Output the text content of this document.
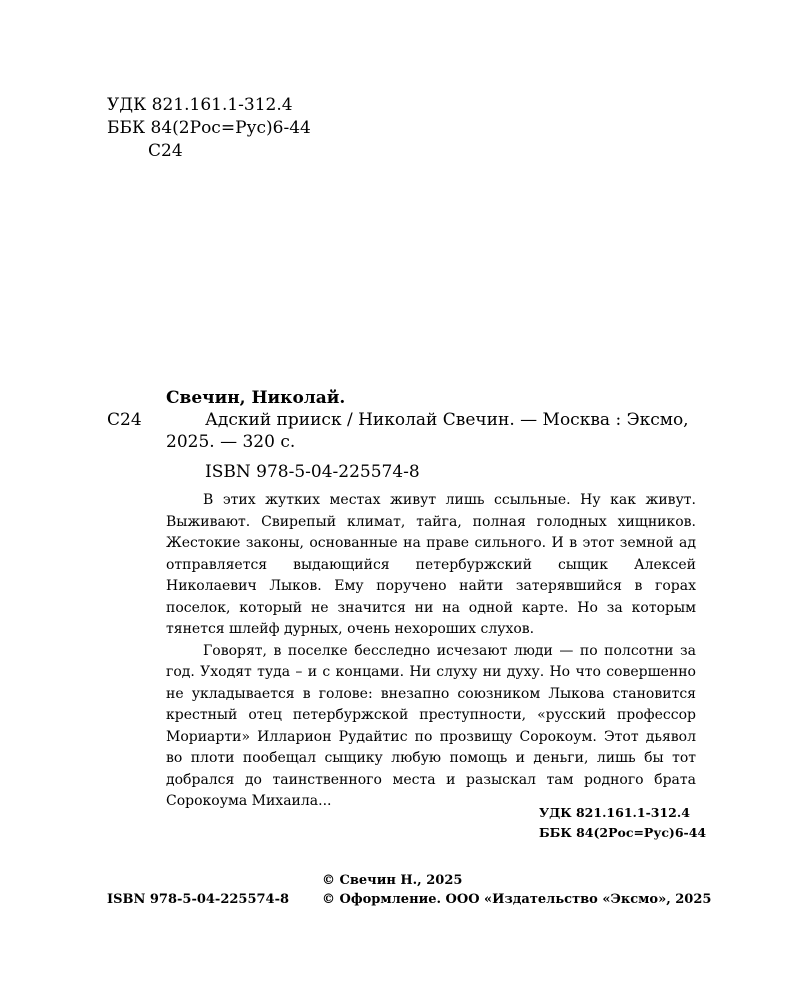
УДК 821.161.1-312.4
ББК 84(2Рос=Рус)6-44
С24
Свечин, Николай.
С24	Адский прииск / Николай Свечин. — Москва : Эксмо,
2025. — 320 с.
ISBN 978-5-04-225574-8

В этих жутких местах живут лишь ссыльные. Ну как живут. Выживают. Свирепый климат, тайга, полная голодных хищников. Жестокие законы, основанные на праве сильного. И в этот земной ад отправляется выдающийся петербуржский сыщик Алексей Николаевич Лыков. Ему поручено найти затерявшийся в горах поселок, который не значится ни на одной карте. Но за которым тянется шлейф дурных, очень нехороших слухов.

Говорят, в поселке бесследно исчезают люди — по полсотни за год. Уходят туда – и с концами. Ни слуху ни духу. Но что совершенно не укладывается в голове: внезапно союзником Лыкова становится крестный отец петербуржской преступности, «русский профессор Мориарти» Илларион Рудайтис по прозвищу Сорокоум. Этот дьявол во плоти пообещал сыщику любую помощь и деньги, лишь бы тот добрался до таинственного места и разыскал там родного брата Сорокоума Михаила...

УДК 821.161.1-312.4
ББК 84(2Рос=Рус)6-44
© Свечин Н., 2025
ISBN 978-5-04-225574-8	© Оформление. ООО «Издательство «Эксмо», 2025
